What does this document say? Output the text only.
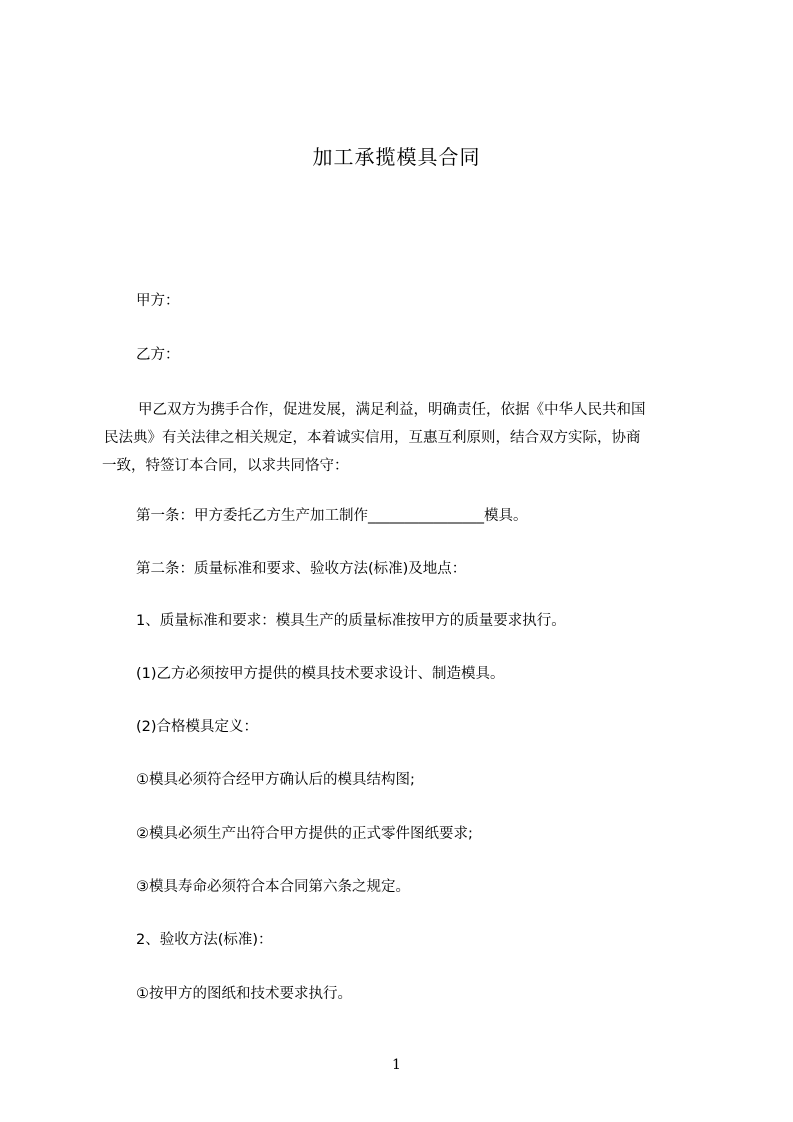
加工承揽模具合同
甲方：
乙方：
甲乙双方为携手合作，促进发展，满足利益，明确责任，依据《中华人民共和国
民法典》有关法律之相关规定，本着诚实信用，互惠互利原则，结合双方实际，协商
一致，特签订本合同，以求共同恪守：
第一条：甲方委托乙方生产加工制作________________模具。
第二条：质量标准和要求、验收方法(标准)及地点：
1、质量标准和要求：模具生产的质量标准按甲方的质量要求执行。
(1)乙方必须按甲方提供的模具技术要求设计、制造模具。
(2)合格模具定义：
①模具必须符合经甲方确认后的模具结构图;
②模具必须生产出符合甲方提供的正式零件图纸要求;
③模具寿命必须符合本合同第六条之规定。
2、验收方法(标准)：
①按甲方的图纸和技术要求执行。
1
